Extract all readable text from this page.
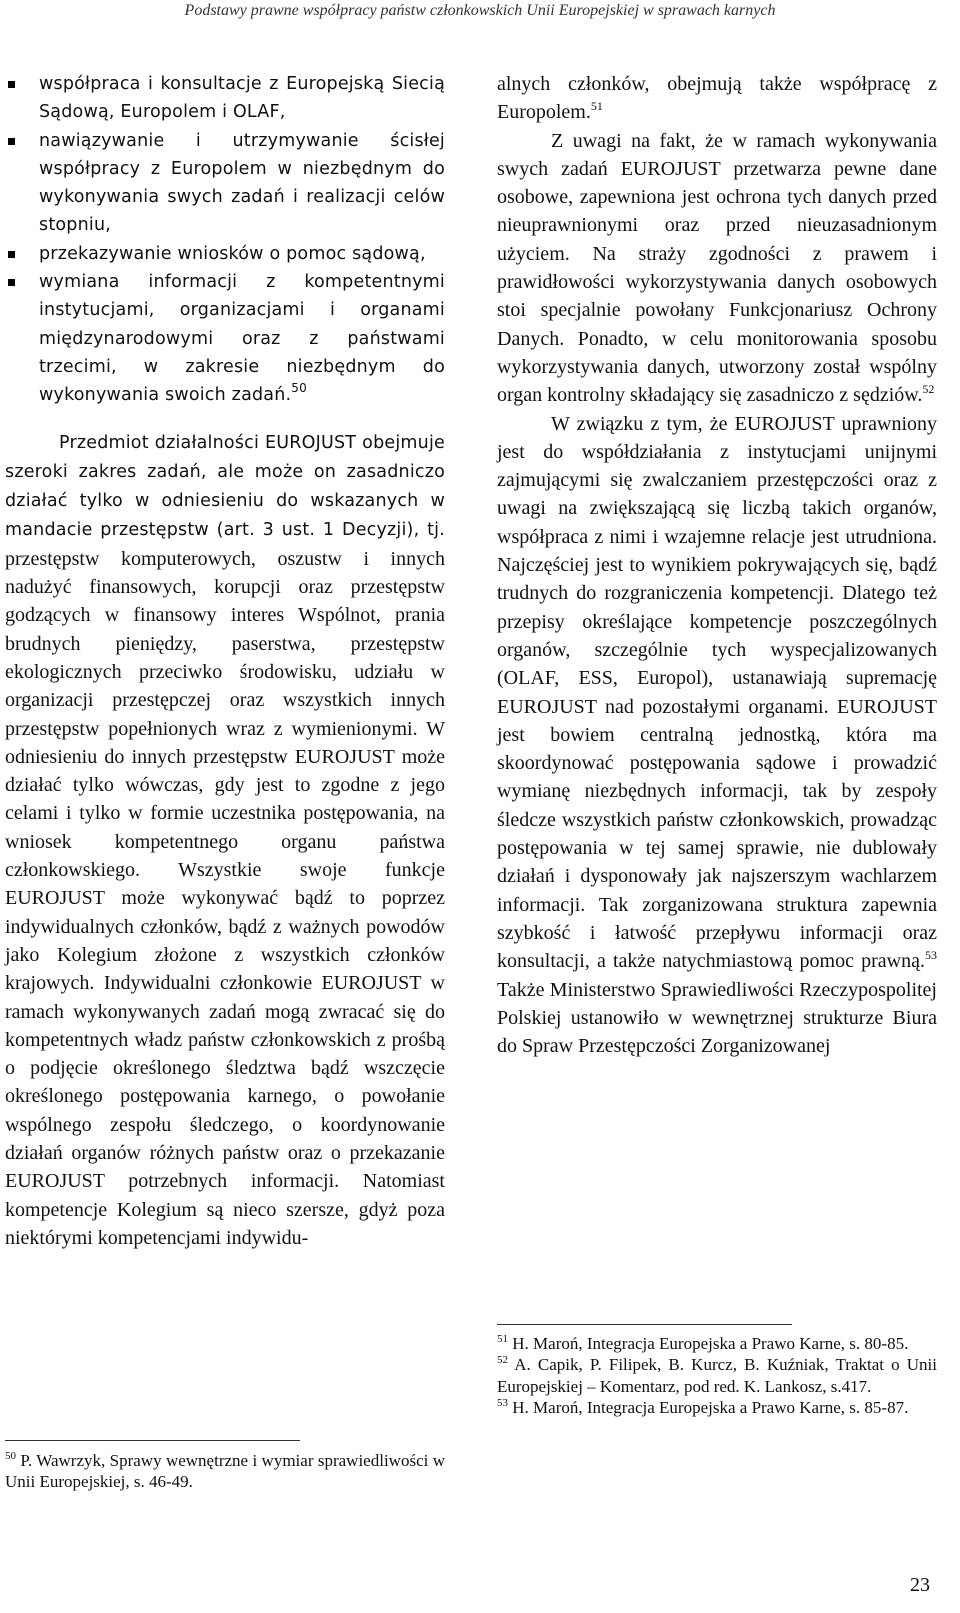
Podstawy prawne współpracy państw członkowskich Unii Europejskiej w sprawach karnych
współpraca i konsultacje z Europejską Siecią Sądową, Europolem i OLAF,
nawiązywanie i utrzymywanie ścisłej współpracy z Europolem w niezbędnym do wykonywania swych zadań i realizacji celów stopniu,
przekazywanie wniosków o pomoc sądową,
wymiana informacji z kompetentnymi instytucjami, organizacjami i organami międzynarodowymi oraz z państwami trzecimi, w zakresie niezbędnym do wykonywania swoich zadań.$^{50}$

Przedmiot działalności EUROJUST obejmuje szeroki zakres zadań, ale może on zasadniczo działać tylko w odniesieniu do wskazanych w mandacie przestępstw (art. 3 ust. 1 Decyzji), tj. przestępstw komputerowych, oszustw i innych nadużyć finansowych, korupcji oraz przestępstw godzących w finansowy interes Wspólnot, prania brudnych pieniędzy, paserstwa, przestępstw ekologicznych przeciwko środowisku, udziału w organizacji przestępczej oraz wszystkich innych przestępstw popełnionych wraz z wymienionymi. W odniesieniu do innych przestępstw EUROJUST może działać tylko wówczas, gdy jest to zgodne z jego celami i tylko w formie uczestnika postępowania, na wniosek kompetentnego organu państwa członkowskiego. Wszystkie swoje funkcje EUROJUST może wykonywać bądź to poprzez indywidualnych członków, bądź z ważnych powodów jako Kolegium złożone z wszystkich członków krajowych. Indywidualni członkowie EUROJUST w ramach wykonywanych zadań mogą zwracać się do kompetentnych władz państw członkowskich z prośbą o podjęcie określonego śledztwa bądź wszczęcie określonego postępowania karnego, o powołanie wspólnego zespołu śledczego, o koordynowanie działań organów różnych państw oraz o przekazanie EUROJUST potrzebnych informacji. Natomiast kompetencje Kolegium są nieco szersze, gdyż poza niektórymi kompetencjami indywidu-

alnych członków, obejmują także współpracę z Europolem.$^{51}$

Z uwagi na fakt, że w ramach wykonywania swych zadań EUROJUST przetwarza pewne dane osobowe, zapewniona jest ochrona tych danych przed nieuprawnionymi oraz przed nieuzasadnionym użyciem. Na straży zgodności z prawem i prawidłowości wykorzystywania danych osobowych stoi specjalnie powołany Funkcjonariusz Ochrony Danych. Ponadto, w celu monitorowania sposobu wykorzystywania danych, utworzony został wspólny organ kontrolny składający się zasadniczo z sędziów.$^{52}$

W związku z tym, że EUROJUST uprawniony jest do współdziałania z instytucjami unijnymi zajmującymi się zwalczaniem przestępczości oraz z uwagi na zwiększającą się liczbą takich organów, współpraca z nimi i wzajemne relacje jest utrudniona. Najczęściej jest to wynikiem pokrywających się, bądź trudnych do rozgraniczenia kompetencji. Dlatego też przepisy określające kompetencje poszczególnych organów, szczególnie tych wyspecjalizowanych (OLAF, ESS, Europol), ustanawiają supremację EUROJUST nad pozostałymi organami. EUROJUST jest bowiem centralną jednostką, która ma skoordynować postępowania sądowe i prowadzić wymianę niezbędnych informacji, tak by zespoły śledcze wszystkich państw członkowskich, prowadząc postępowania w tej samej sprawie, nie dublowały działań i dysponowały jak najszerszym wachlarzem informacji. Tak zorganizowana struktura zapewnia szybkość i łatwość przepływu informacji oraz konsultacji, a także natychmiastową pomoc prawną.$^{53}$ Także Ministerstwo Sprawiedliwości Rzeczypospolitej Polskiej ustanowiło w wewnętrznej strukturze Biura do Spraw Przestępczości Zorganizowanej

$^{50}$ P. Wawrzyk, Sprawy wewnętrzne i wymiar sprawiedliwości w Unii Europejskiej, s. 46-49.
$^{51}$ H. Maroń, Integracja Europejska a Prawo Karne, s. 80-85.
$^{52}$ A. Capik, P. Filipek, B. Kurcz, B. Kuźniak, Traktat o Unii Europejskiej – Komentarz, pod red. K. Lankosz, s.417.
$^{53}$ H. Maroń, Integracja Europejska a Prawo Karne, s. 85-87.
23
